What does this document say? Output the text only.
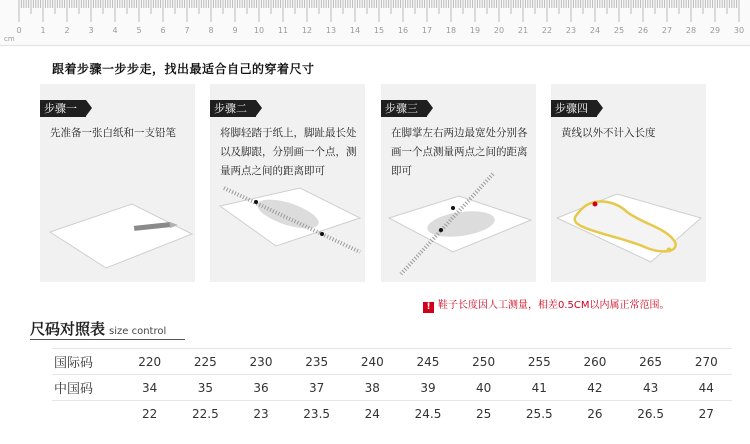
0 1 2 3 4 5 6 7 8 9 10 11 12 13 14 15 16 17 18 19 20 21 22 23 24 25 26 27 28 29 30
cm
跟着步骤一步步走，找出最适合自己的穿着尺寸
步骤一
先准备一张白纸和一支铅笔
步骤二
将脚轻踏于纸上，脚趾最长处以及脚跟，分别画一个点，测量两点之间的距离即可
步骤三
在脚掌左右两边最宽处分别各画一个点测量两点之间的距离即可
步骤四
黄线以外不计入长度
! 鞋子长度因人工测量，相差0.5CM以内属正常范围。
尺码对照表 size control
国际码	220	225	230	235	240	245	250	255	260	265	270
中国码	34	35	36	37	38	39	40	41	42	43	44
	22	22.5	23	23.5	24	24.5	25	25.5	26	26.5	27
